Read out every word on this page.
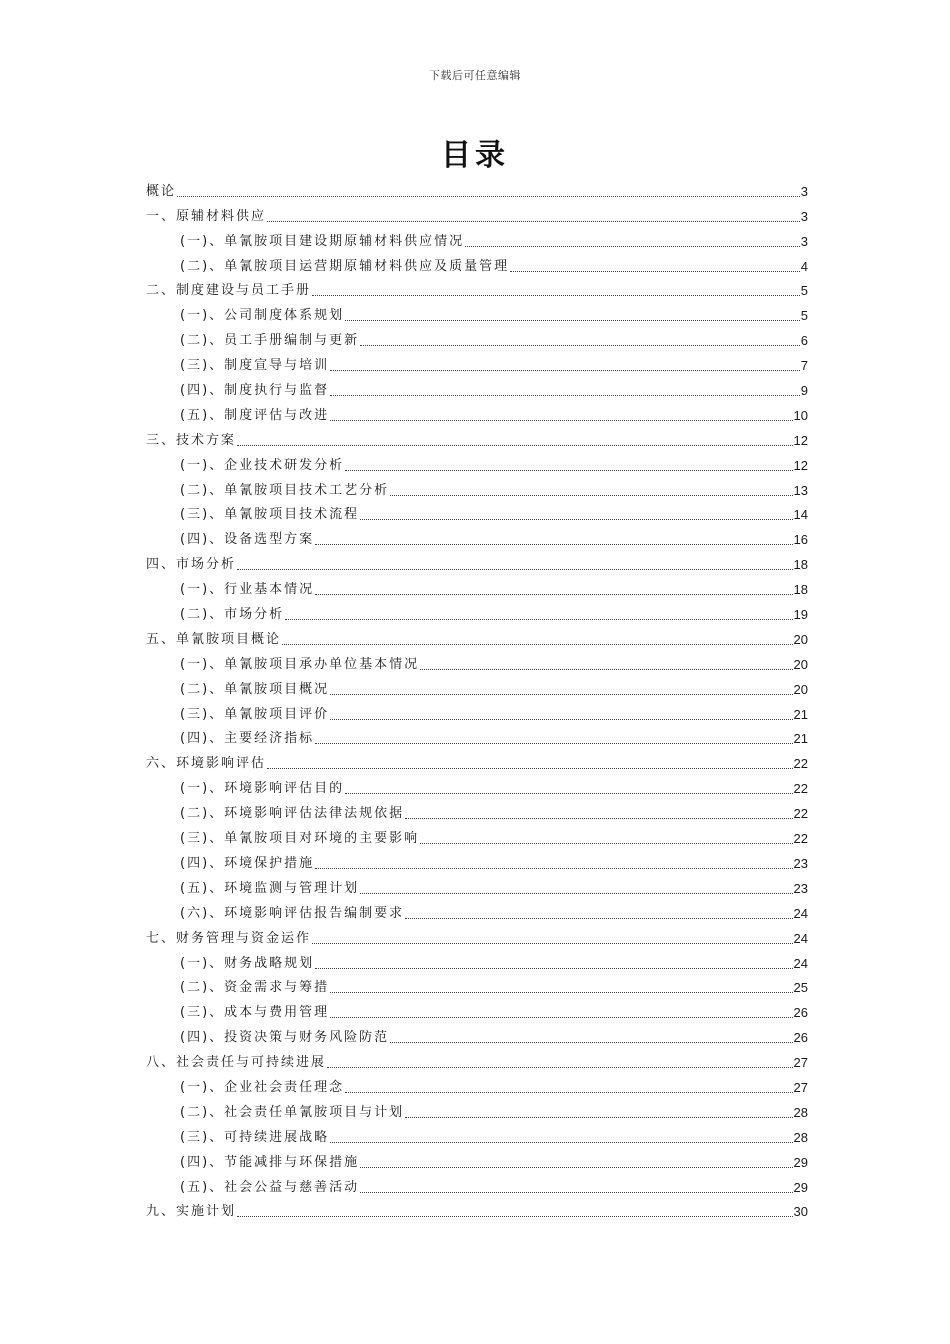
下载后可任意编辑
目录
概论	3
一、原辅材料供应	3
(一)、单氰胺项目建设期原辅材料供应情况	3
(二)、单氰胺项目运营期原辅材料供应及质量管理	4
二、制度建设与员工手册	5
(一)、公司制度体系规划	5
(二)、员工手册编制与更新	6
(三)、制度宣导与培训	7
(四)、制度执行与监督	9
(五)、制度评估与改进	10
三、技术方案	12
(一)、企业技术研发分析	12
(二)、单氰胺项目技术工艺分析	13
(三)、单氰胺项目技术流程	14
(四)、设备选型方案	16
四、市场分析	18
(一)、行业基本情况	18
(二)、市场分析	19
五、单氰胺项目概论	20
(一)、单氰胺项目承办单位基本情况	20
(二)、单氰胺项目概况	20
(三)、单氰胺项目评价	21
(四)、主要经济指标	21
六、环境影响评估	22
(一)、环境影响评估目的	22
(二)、环境影响评估法律法规依据	22
(三)、单氰胺项目对环境的主要影响	22
(四)、环境保护措施	23
(五)、环境监测与管理计划	23
(六)、环境影响评估报告编制要求	24
七、财务管理与资金运作	24
(一)、财务战略规划	24
(二)、资金需求与筹措	25
(三)、成本与费用管理	26
(四)、投资决策与财务风险防范	26
八、社会责任与可持续进展	27
(一)、企业社会责任理念	27
(二)、社会责任单氰胺项目与计划	28
(三)、可持续进展战略	28
(四)、节能减排与环保措施	29
(五)、社会公益与慈善活动	29
九、实施计划	30
